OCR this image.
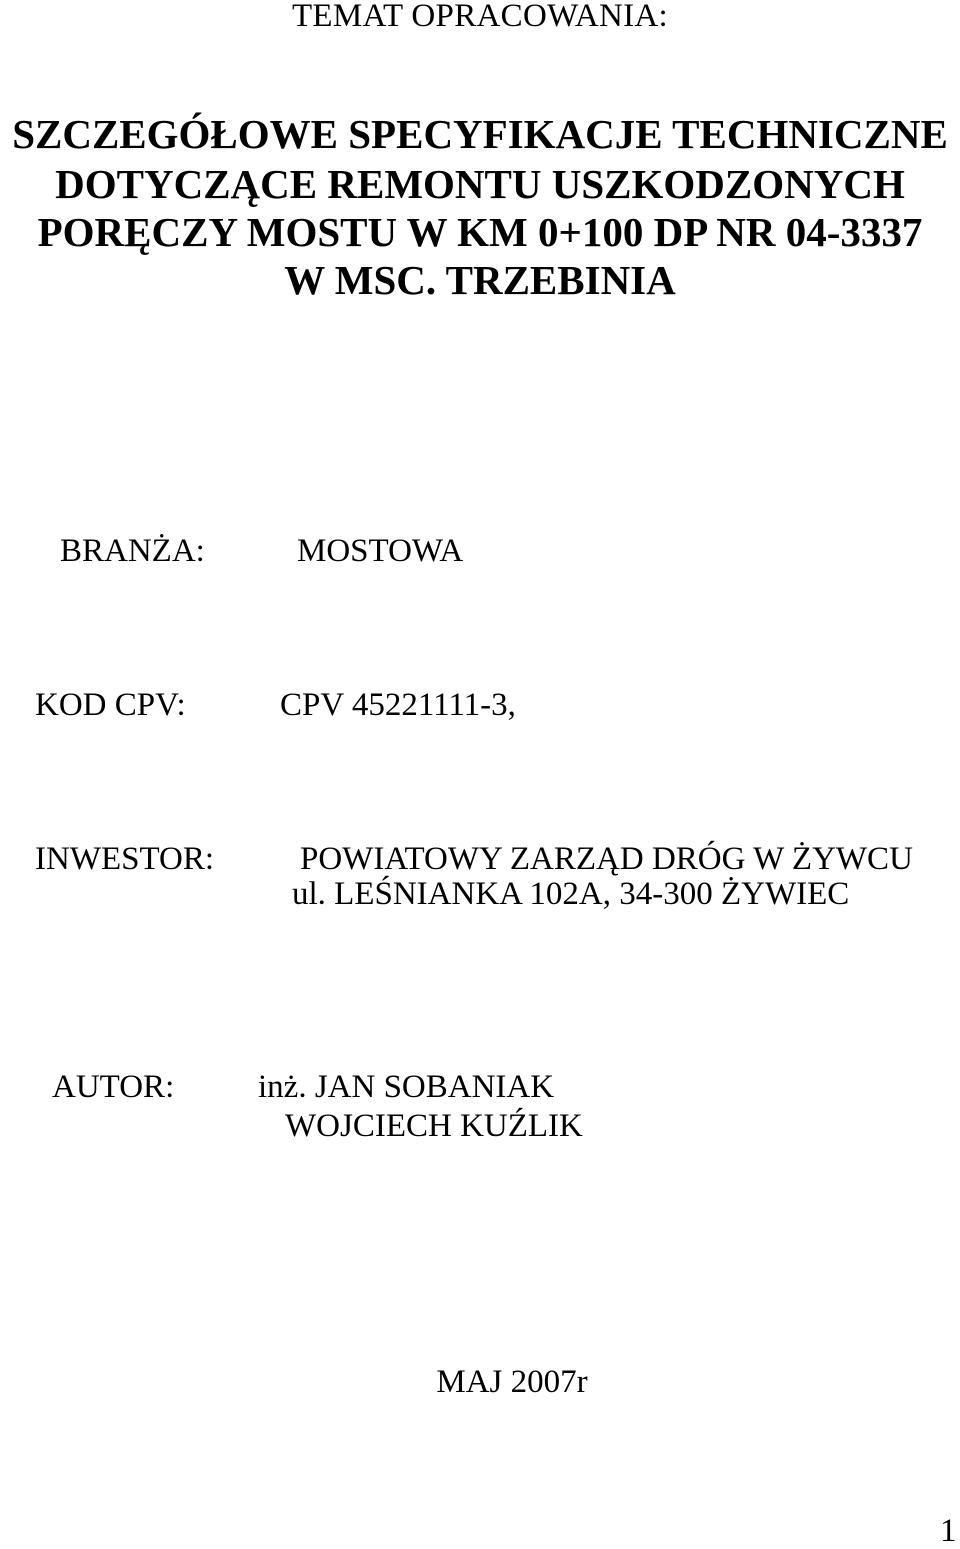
TEMAT OPRACOWANIA:
SZCZEGÓŁOWE SPECYFIKACJE TECHNICZNE
DOTYCZĄCE REMONTU USZKODZONYCH
PORĘCZY MOSTU W KM 0+100 DP NR 04-3337
W MSC. TRZEBINIA
BRANŻA:	MOSTOWA
KOD CPV:	CPV 45221111-3,
INWESTOR:	POWIATOWY ZARZĄD DRÓG W ŻYWCU
ul. LEŚNIANKA 102A, 34-300 ŻYWIEC
AUTOR:	inż. JAN SOBANIAK
WOJCIECH KUŹLIK
MAJ 2007r
1
